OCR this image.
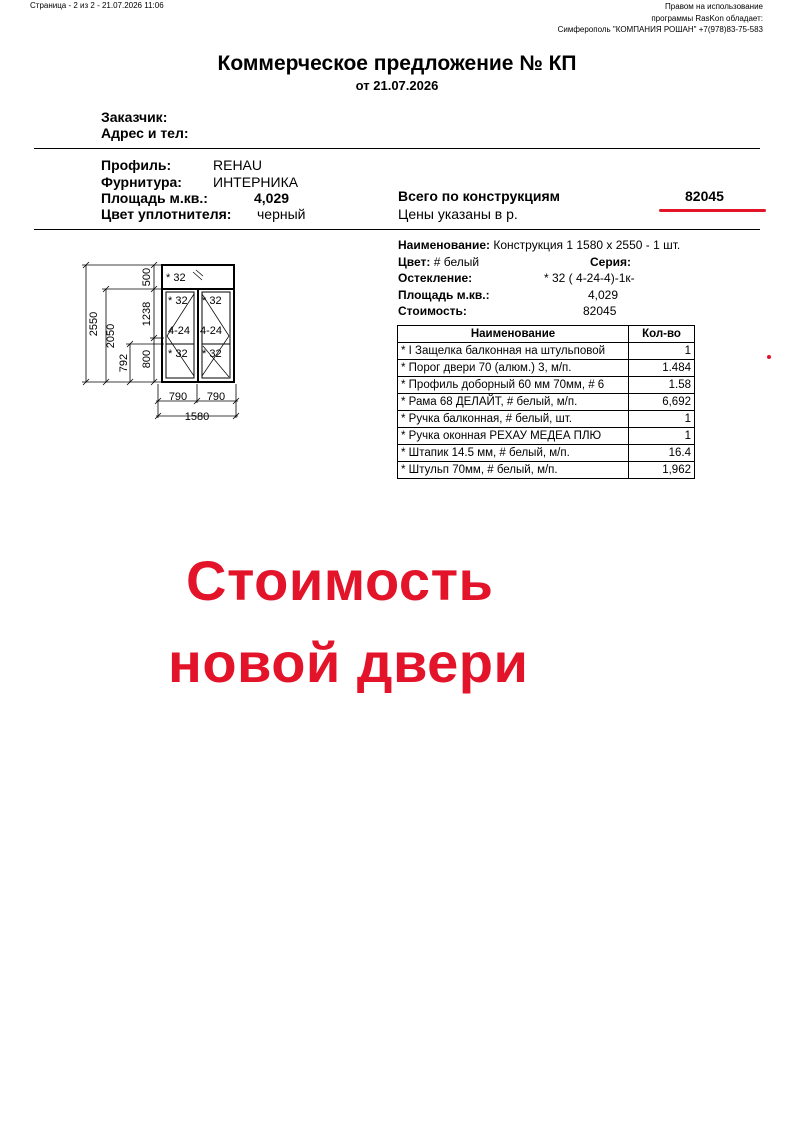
Страница - 2 из 2 - 21.07.2026 11:06	Правом на использование
программы RasKon обладает:
Симферополь "КОМПАНИЯ РОШАН" +7(978)83-75-583
Коммерческое предложение № КП
от 21.07.2026
Заказчик:
Адрес и тел:
Профиль:	REHAU
Фурнитура: ИНТЕРНИКА
Площадь м.кв.:	4,029
Цвет уплотнителя: черный
Всего по конструкциям	82045
Цены указаны в р.
Наименование: Конструкция 1 1580 x 2550 - 1 шт.
Цвет: # белый	Серия:
Остекление:	* 32 ( 4-24-4)-1к-
Площадь м.кв.:	4,029
Стоимость:	82045
Наименование	Кол-во
* I Защелка балконная на штульповой	1
* Порог двери 70 (алюм.) 3, м/п.	1.484
* Профиль доборный 60 мм 70мм, # 6	1.58
* Рама 68 ДЕЛАЙТ, # белый, м/п.	6,692
* Ручка балконная, # белый, шт.	1
* Ручка оконная РЕХАУ МЕДЕА ПЛЮ	1
* Штапик 14.5 мм, # белый, м/п.	16.4
* Штульп 70мм, # белый, м/п.	1,962
* 32
* 32 * 32
4-24 4-24
* 32 * 32
2550 2050
792
500
1238
800
790 790
1580
Стоимость
новой двери
